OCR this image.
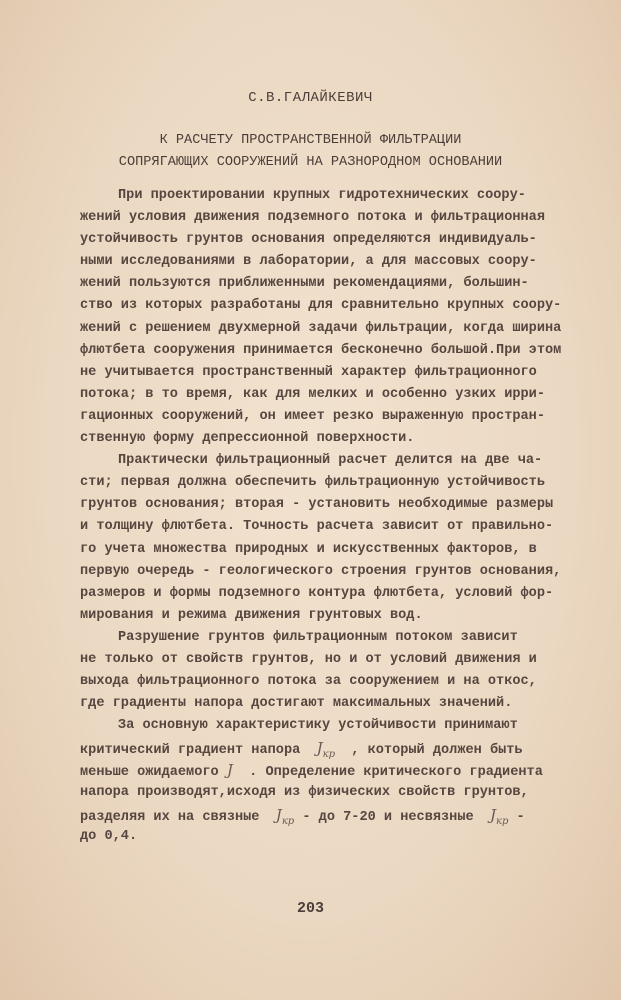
С.В.ГАЛАЙКЕВИЧ
К РАСЧЕТУ ПРОСТРАНСТВЕННОЙ ФИЛЬТРАЦИИ
СОПРЯГАЮЩИХ СООРУЖЕНИЙ НА РАЗНОРОДНОМ ОСНОВАНИИ
При проектировании крупных гидротехнических соору-
жений условия движения подземного потока и фильтрационная
устойчивость грунтов основания определяются индивидуаль-
ными исследованиями в лаборатории, а для массовых соору-
жений пользуются приближенными рекомендациями, большин-
ство из которых разработаны для сравнительно крупных соору-
жений с решением двухмерной задачи фильтрации, когда ширина
флютбета сооружения принимается бесконечно большой.При этом
не учитывается пространственный характер фильтрационного
потока; в то время, как для мелких и особенно узких ирри-
гационных сооружений, он имеет резко выраженную простран-
ственную форму депрессионной поверхности.
Практически фильтрационный расчет делится на две ча-
сти; первая должна обеспечить фильтрационную устойчивость
грунтов основания; вторая - установить необходимые размеры
и толщину флютбета. Точность расчета зависит от правильно-
го учета множества природных и искусственных факторов, в
первую очередь - геологического строения грунтов основания,
размеров и формы подземного контура флютбета, условий фор-
мирования и режима движения грунтовых вод.
Разрушение грунтов фильтрационным потоком зависит
не только от свойств грунтов, но и от условий движения и
выхода фильтрационного потока за сооружением и на откос,
где градиенты напора достигают максимальных значений.
За основную характеристику устойчивости принимают
критический градиент напора  $J_{кр}$  , который должен быть
меньше ожидаемого J  . Определение критического градиента
напора производят,исходя из физических свойств грунтов,
разделяя их на связные  $J_{кр}$ - до 7-20 и несвязные  $J_{кр}$ -
до 0,4.
203
